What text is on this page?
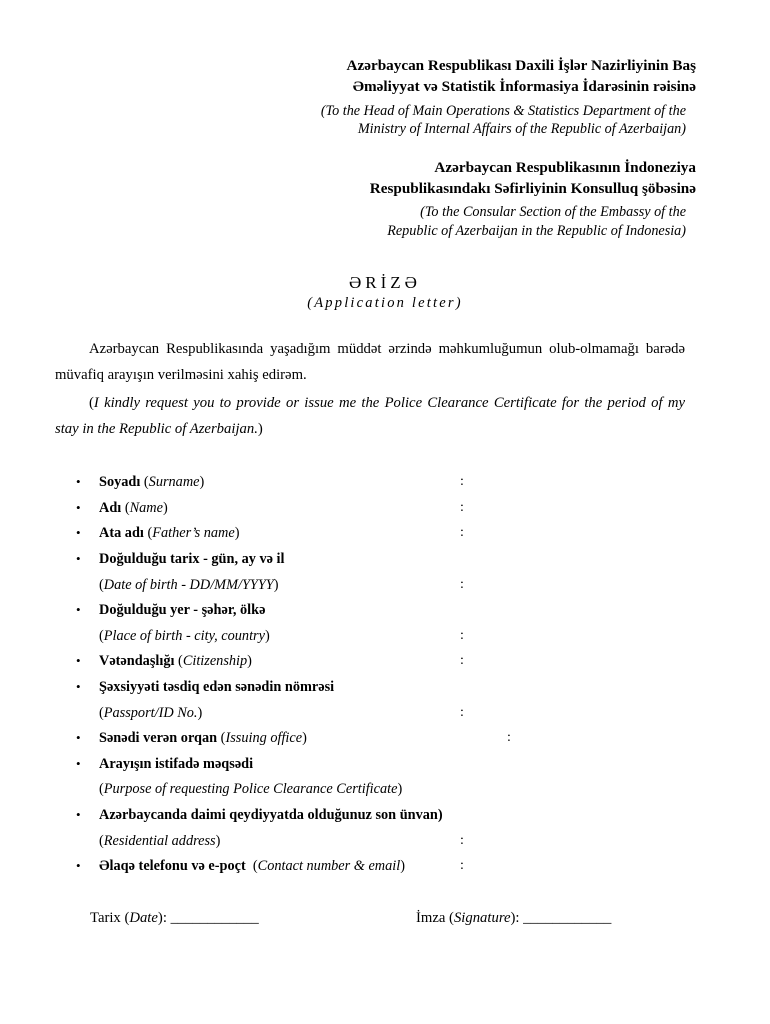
Azərbaycan Respublikası Daxili İşlər Nazirliyinin Baş
Əməliyyat və Statistik İnformasiya İdarəsinin rəisinə
(To the Head of Main Operations & Statistics Department of the
Ministry of Internal Affairs of the Republic of Azerbaijan)
Azərbaycan Respublikasının İndoneziya
Respublikasındakı Səfirliyinin Konsulluq şöbəsinə
(To the Consular Section of the Embassy of the
Republic of Azerbaijan in the Republic of Indonesia)
ƏRİZƏ
(Application letter)

Azərbaycan Respublikasında yaşadığım müddət ərzində məhkumluğumun olub-olmamağı barədə müvafiq arayışın verilməsini xahiş edirəm.

(I kindly request you to provide or issue me the Police Clearance Certificate for the period of my stay in the Republic of Azerbaijan.)

• Soyadı (Surname)	:
• Adı (Name)	:
• Ata adı (Father’s name)	:
• Doğulduğu tarix - gün, ay və il
(Date of birth - DD/MM/YYYY)	:
• Doğulduğu yer - şəhər, ölkə
(Place of birth - city, country)	:
• Vətəndaşlığı (Citizenship)	:
• Şəxsiyyəti təsdiq edən sənədin nömrəsi
(Passport/ID No.)	:
• Sənədi verən orqan (Issuing office)	:
• Arayışın istifadə məqsədi
(Purpose of requesting Police Clearance Certificate)
• Azərbaycanda daimi qeydiyyatda olduğunuz son ünvan)
(Residential address)	:
• Əlaqə telefonu və e-poçt  (Contact number & email)	:
Tarix (Date): ____________	İmza (Signature): ____________
